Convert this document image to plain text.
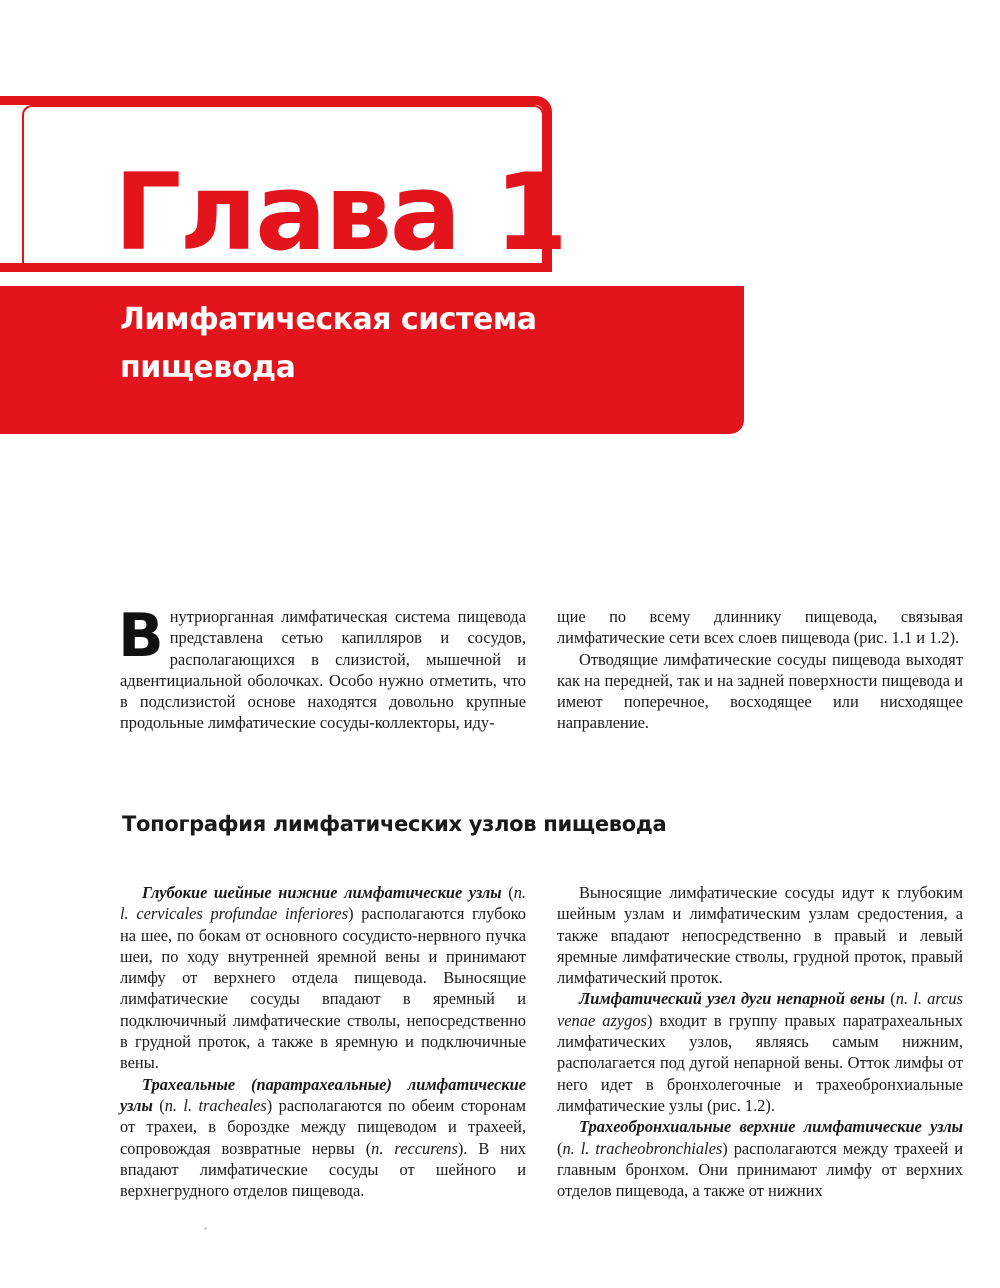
Глава 1
Лимфатическая система пищевода

Внутриорганная лимфатическая система пищевода представлена сетью капилляров и сосудов, располагающихся в слизистой, мышечной и адвентициальной оболочках. Особо нужно отметить, что в подслизистой основе находятся довольно крупные продольные лимфатические сосуды-коллекторы, иду-

щие по всему длиннику пищевода, связывая лимфатические сети всех слоев пищевода (рис. 1.1 и 1.2).

Отводящие лимфатические сосуды пищевода выходят как на передней, так и на задней поверхности пищевода и имеют поперечное, восходящее или нисходящее направление.

Топография лимфатических узлов пищевода

Глубокие шейные нижние лимфатические узлы (n. l. cervicales profundae inferiores) располагаются глубоко на шее, по бокам от основного сосудисто-нервного пучка шеи, по ходу внутренней яремной вены и принимают лимфу от верхнего отдела пищевода. Выносящие лимфатические сосуды впадают в яремный и подключичный лимфатические стволы, непосредственно в грудной проток, а также в яремную и подключичные вены.

Трахеальные (паратрахеальные) лимфатические узлы (n. l. tracheales) располагаются по обеим сторонам от трахеи, в бороздке между пищеводом и трахеей, сопровождая возвратные нервы (n. reccurens). В них впадают лимфатические сосуды от шейного и верхнегрудного отделов пищевода.

Выносящие лимфатические сосуды идут к глубоким шейным узлам и лимфатическим узлам средостения, а также впадают непосредственно в правый и левый яремные лимфатические стволы, грудной проток, правый лимфатический проток.

Лимфатический узел дуги непарной вены (n. l. arcus venae azygos) входит в группу правых паратрахеальных лимфатических узлов, являясь самым нижним, располагается под дугой непарной вены. Отток лимфы от него идет в бронхолегочные и трахеобронхиальные лимфатические узлы (рис. 1.2).

Трахеобронхиальные верхние лимфатические узлы (n. l. tracheobronchiales) располагаются между трахеей и главным бронхом. Они принимают лимфу от верхних отделов пищевода, а также от нижних
